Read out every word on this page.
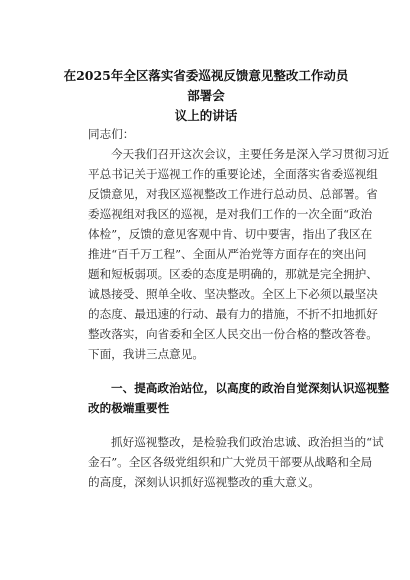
在2025年全区落实省委巡视反馈意见整改工作动员部署会
议上的讲话
同志们：
今天我们召开这次会议，主要任务是深入学习贯彻习近
平总书记关于巡视工作的重要论述，全面落实省委巡视组
反馈意见，对我区巡视整改工作进行总动员、总部署。省
委巡视组对我区的巡视，是对我们工作的一次全面“政治
体检”，反馈的意见客观中肯、切中要害，指出了我区在
推进“百千万工程”、全面从严治党等方面存在的突出问
题和短板弱项。区委的态度是明确的，那就是完全拥护、
诚恳接受、照单全收、坚决整改。全区上下必须以最坚决
的态度、最迅速的行动、最有力的措施，不折不扣地抓好
整改落实，向省委和全区人民交出一份合格的整改答卷。
下面，我讲三点意见。
一、提高政治站位，以高度的政治自觉深刻认识巡视整
改的极端重要性
抓好巡视整改，是检验我们政治忠诚、政治担当的“试
金石”。全区各级党组织和广大党员干部要从战略和全局
的高度，深刻认识抓好巡视整改的重大意义。
